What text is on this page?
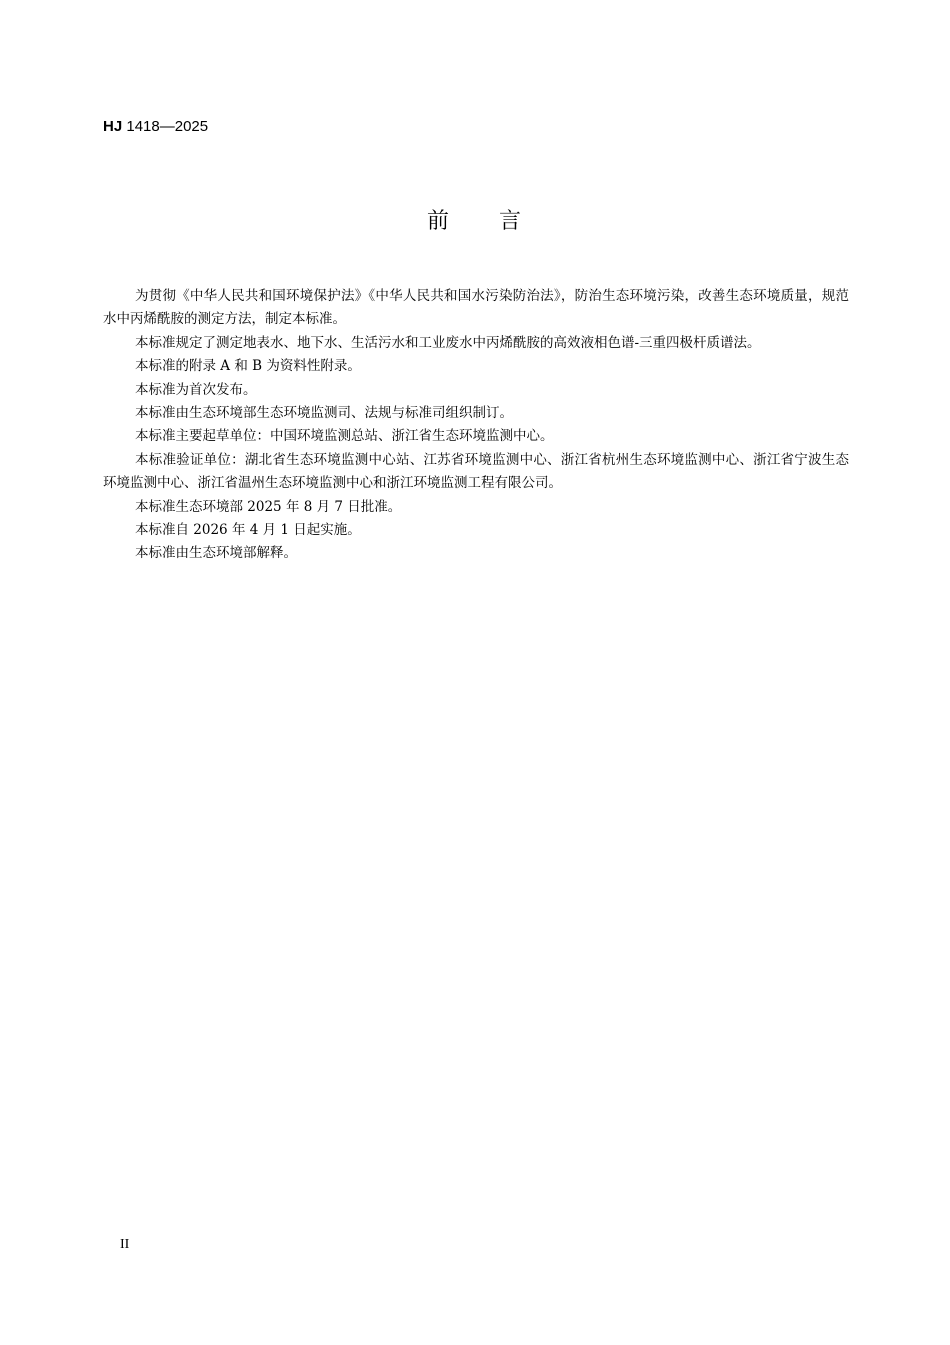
HJ 1418—2025
前　　言

为贯彻《中华人民共和国环境保护法》《中华人民共和国水污染防治法》，防治生态环境污染，改善生态环境质量，规范水中丙烯酰胺的测定方法，制定本标准。

本标准规定了测定地表水、地下水、生活污水和工业废水中丙烯酰胺的高效液相色谱-三重四极杆质谱法。

本标准的附录 A 和 B 为资料性附录。

本标准为首次发布。

本标准由生态环境部生态环境监测司、法规与标准司组织制订。

本标准主要起草单位：中国环境监测总站、浙江省生态环境监测中心。

本标准验证单位：湖北省生态环境监测中心站、江苏省环境监测中心、浙江省杭州生态环境监测中心、浙江省宁波生态环境监测中心、浙江省温州生态环境监测中心和浙江环境监测工程有限公司。

本标准生态环境部 2025 年 8 月 7 日批准。

本标准自 2026 年 4 月 1 日起实施。

本标准由生态环境部解释。

II
